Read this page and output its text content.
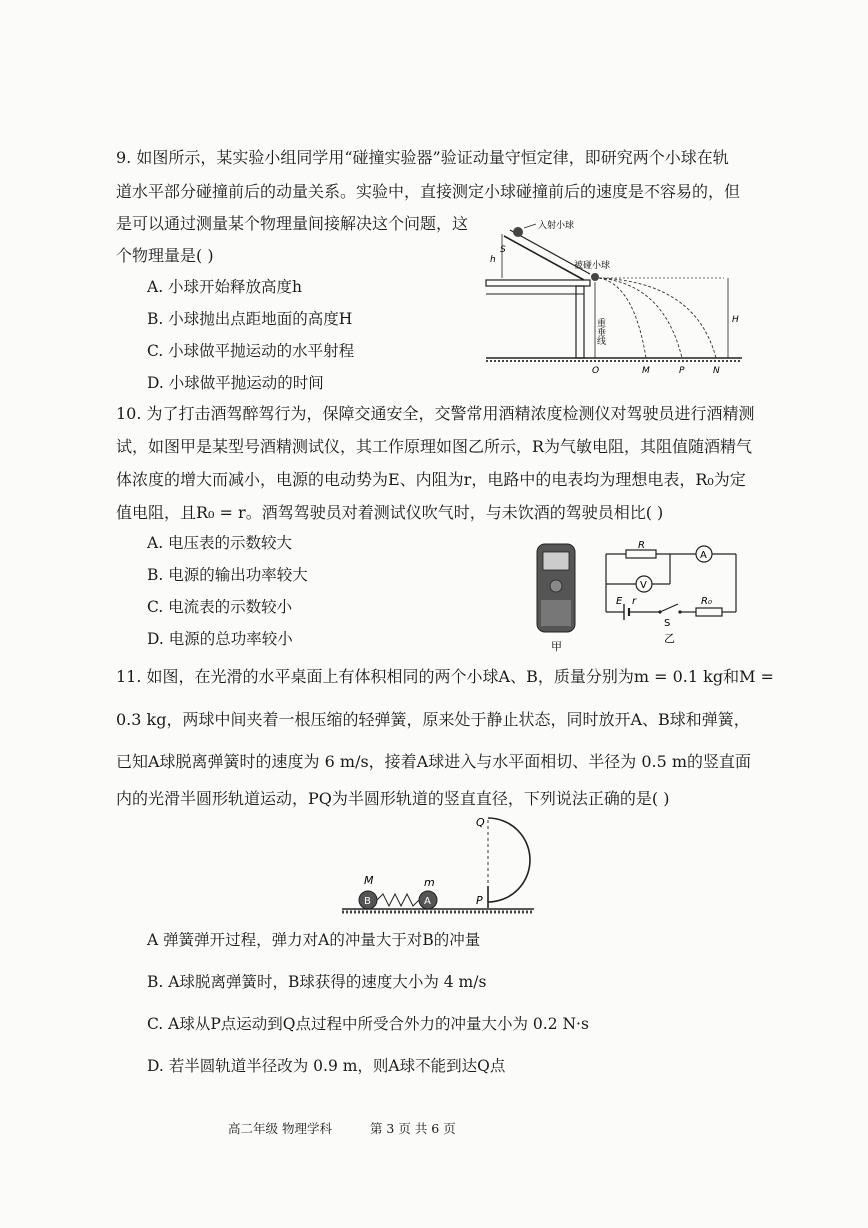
9. 如图所示，某实验小组同学用“碰撞实验器”验证动量守恒定律，即研究两个小球在轨
道水平部分碰撞前后的动量关系。实验中，直接测定小球碰撞前后的速度是不容易的，但
是可以通过测量某个物理量间接解决这个问题，这
个物理量是( )
A. 小球开始释放高度h
B. 小球抛出点距地面的高度H
C. 小球做平抛运动的水平射程
D. 小球做平抛运动的时间
入射小球
S
h
被碰小球
重垂线	H
O	M	P	N
10. 为了打击酒驾醉驾行为，保障交通安全，交警常用酒精浓度检测仪对驾驶员进行酒精测
试，如图甲是某型号酒精测试仪，其工作原理如图乙所示，R为气敏电阻，其阻值随酒精气
体浓度的增大而减小，电源的电动势为E、内阻为r，电路中的电表均为理想电表，R₀为定
值电阻，且R₀ = r。酒驾驾驶员对着测试仪吹气时，与未饮酒的驾驶员相比( )
A. 电压表的示数较大
B. 电源的输出功率较大
C. 电流表的示数较小
D. 电源的总功率较小	甲
R
A
V
E r
S
R₀
乙
11. 如图，在光滑的水平桌面上有体积相同的两个小球A、B，质量分别为m = 0.1 kg和M =
0.3 kg，两球中间夹着一根压缩的轻弹簧，原来处于静止状态，同时放开A、B球和弹簧，
已知A球脱离弹簧时的速度为 6 m/s，接着A球进入与水平面相切、半径为 0.5 m的竖直面
内的光滑半圆形轨道运动，PQ为半圆形轨道的竖直直径，下列说法正确的是( )
Q
P
M	m
B	A
A 弹簧弹开过程，弹力对A的冲量大于对B的冲量
B. A球脱离弹簧时，B球获得的速度大小为 4 m/s
C. A球从P点运动到Q点过程中所受合外力的冲量大小为 0.2 N·s
D. 若半圆轨道半径改为 0.9 m，则A球不能到达Q点
高二年级 物理学科	第 3 页 共 6 页
